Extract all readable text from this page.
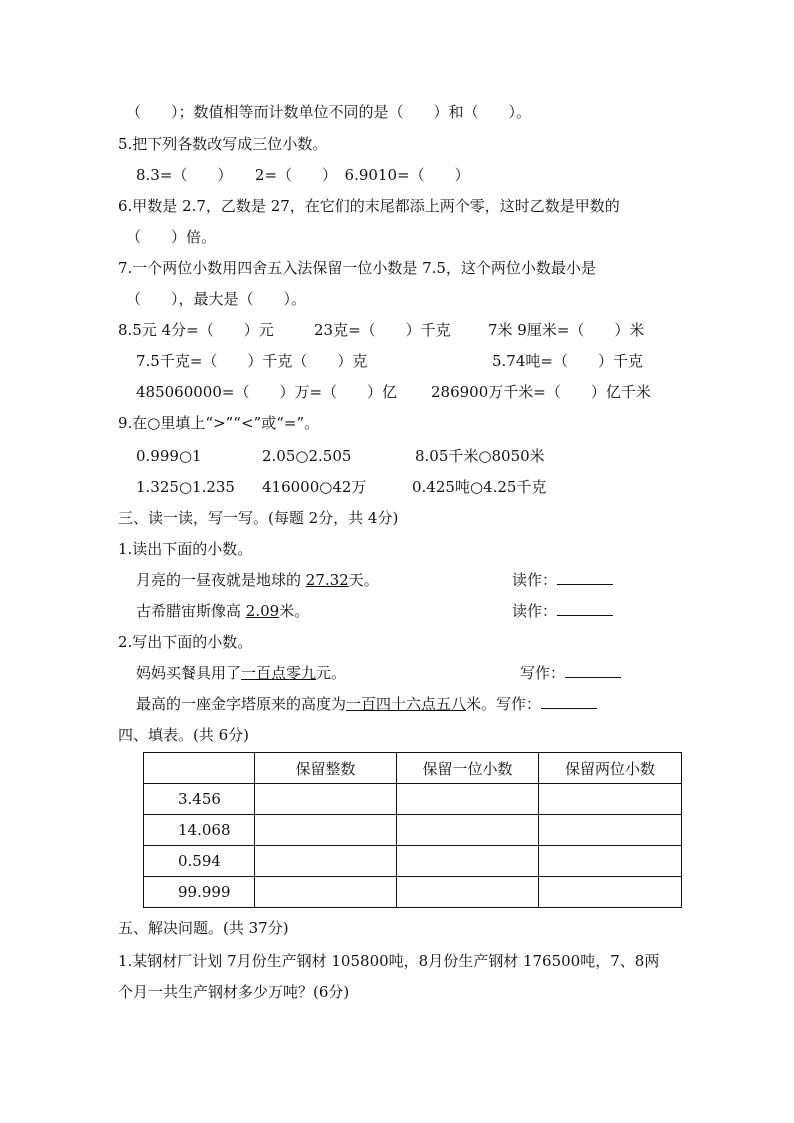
（　　）；数值相等而计数单位不同的是（　　）和（　　）。
5.把下列各数改写成三位小数。
8.3=（　　）　　2=（　　）　6.9010=（　　）
6.甲数是 2.7，乙数是 27，在它们的末尾都添上两个零，这时乙数是甲数的
（　　）倍。
7.一个两位小数用四舍五入法保留一位小数是 7.5，这个两位小数最小是
（　　），最大是（　　）。
8.5元 4分=（　　）元	23克=（　　）千克 7米 9厘米=（　　）米
7.5千克=（　　）千克（　　）克	5.74吨=（　　）千克
485060000=（　　）万=（　　）亿 286900万千米=（　　）亿千米
9.在○里填上“>”“<”或“=”。
0.999○1	2.05○2.505	8.05千米○8050米
1.325○1.235 416000○42万	0.425吨○4.25千克
三、读一读，写一写。(每题 2分，共 4分)
1.读出下面的小数。
月亮的一昼夜就是地球的 27.32天。	读作：
古希腊宙斯像高 2.09米。	读作：
2.写出下面的小数。
妈妈买餐具用了一百点零九元。	写作：
最高的一座金字塔原来的高度为一百四十六点五八米。写作：
四、填表。(共 6分)
	保留整数	保留一位小数	保留两位小数
3.456			
14.068			
0.594			
99.999			
五、解决问题。(共 37分)
1.某钢材厂计划 7月份生产钢材 105800吨，8月份生产钢材 176500吨，7、8两
个月一共生产钢材多少万吨？(6分)
